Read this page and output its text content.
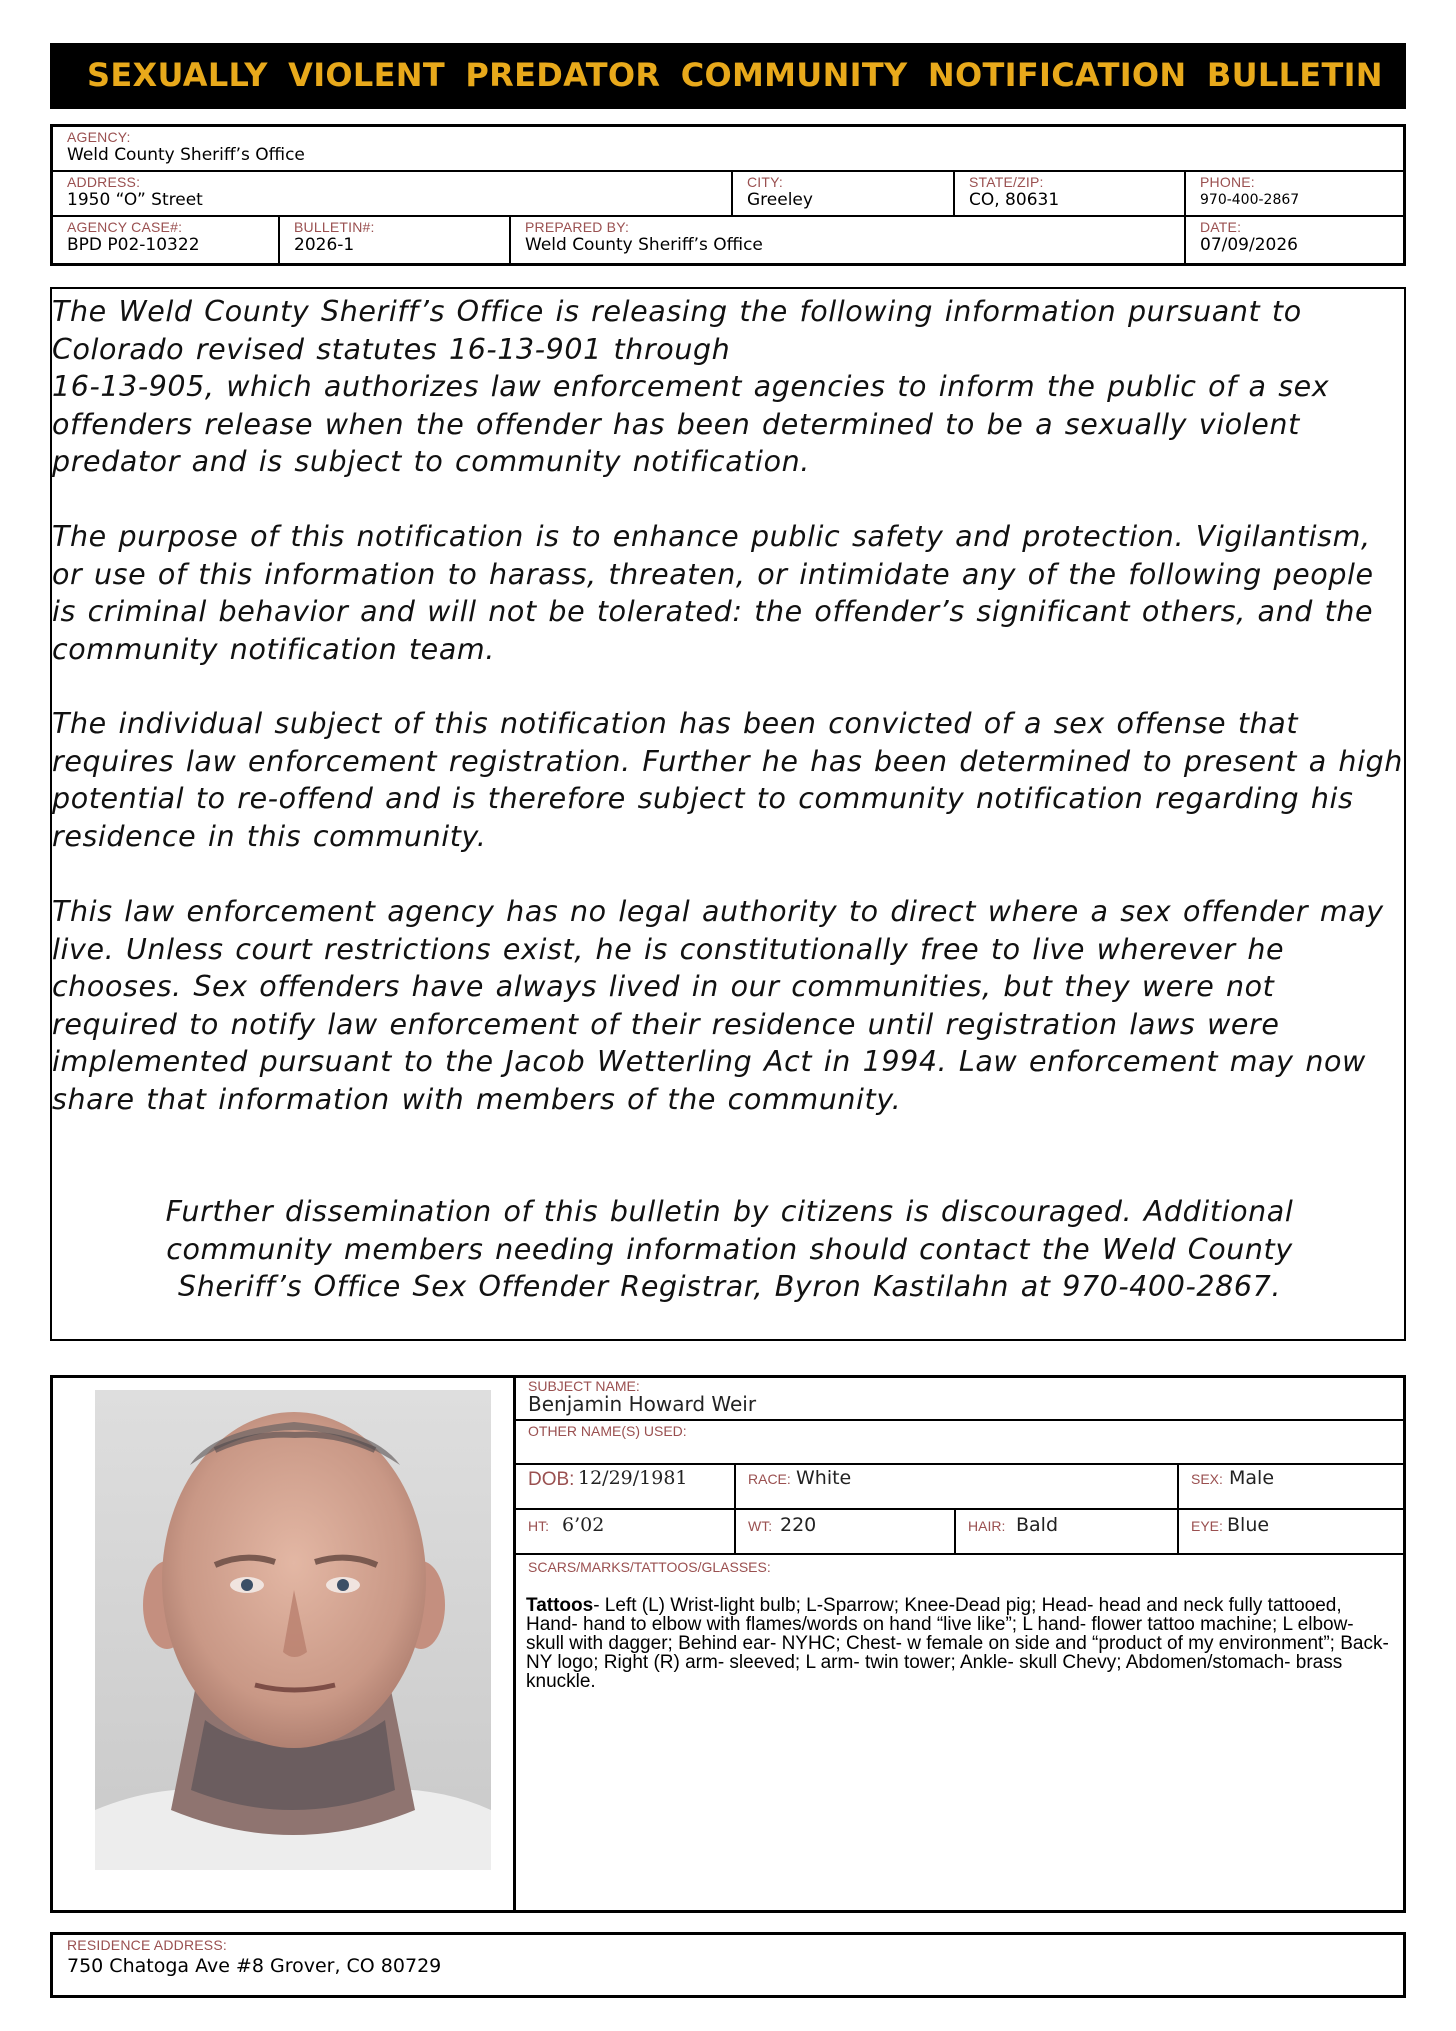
SEXUALLY VIOLENT PREDATOR COMMUNITY NOTIFICATION BULLETIN
AGENCY:
Weld County Sheriff’s Office
ADDRESS:
1950 “O” Street
CITY:
Greeley
STATE/ZIP:
CO, 80631
PHONE:
970-400-2867
AGENCY CASE#:
BPD P02-10322
BULLETIN#:
2026-1
PREPARED BY:
Weld County Sheriff’s Office
DATE:
07/09/2026

The Weld County Sheriff’s Office is releasing the following information pursuant to Colorado revised statutes 16-13-901 through

16-13-905, which authorizes law enforcement agencies to inform the public of a sex offenders release when the offender has been determined to be a sexually violent predator and is subject to community notification.

The purpose of this notification is to enhance public safety and protection. Vigilantism, or use of this information to harass, threaten, or intimidate any of the following people is criminal behavior and will not be tolerated: the offender’s significant others, and the community notification team.

The individual subject of this notification has been convicted of a sex offense that requires law enforcement registration. Further he has been determined to present a high potential to re-offend and is therefore subject to community notification regarding his residence in this community.

This law enforcement agency has no legal authority to direct where a sex offender may live. Unless court restrictions exist, he is constitutionally free to live wherever he chooses. Sex offenders have always lived in our communities, but they were not required to notify law enforcement of their residence until registration laws were implemented pursuant to the Jacob Wetterling Act in 1994. Law enforcement may now share that information with members of the community.

Further dissemination of this bulletin by citizens is discouraged. Additional community members needing information should contact the Weld County Sheriff’s Office Sex Offender Registrar, Byron Kastilahn at 970-400-2867.

SUBJECT NAME:
Benjamin Howard Weir
OTHER NAME(S) USED:
DOB: 12/29/1981	RACE: White	SEX: Male
HT: 6’02	WT: 220	HAIR: Bald	EYE: Blue
SCARS/MARKS/TATTOOS/GLASSES:

Tattoos- Left (L) Wrist-light bulb; L-Sparrow; Knee-Dead pig; Head- head and neck fully tattooed, Hand- hand to elbow with flames/words on hand “live like”; L hand- flower tattoo machine; L elbow- skull with dagger; Behind ear- NYHC; Chest- w female on side and “product of my environment”; Back- NY logo; Right (R) arm- sleeved; L arm- twin tower; Ankle- skull Chevy; Abdomen/stomach- brass knuckle.

RESIDENCE ADDRESS:
750 Chatoga Ave #8 Grover, CO 80729
